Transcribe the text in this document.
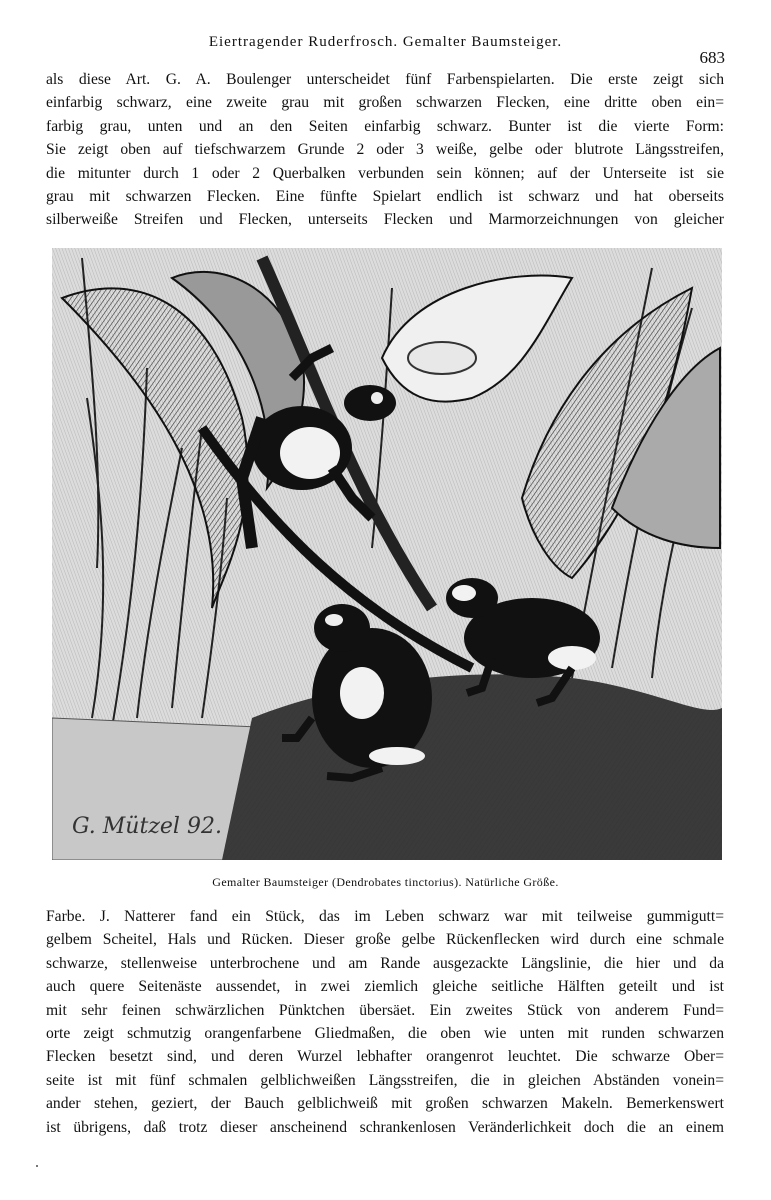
Eiertragender Ruderfrosch. Gemalter Baumsteiger.
683
als diese Art. G. A. Boulenger unterscheidet fünf Farbenspielarten. Die erste zeigt sich
einfarbig schwarz, eine zweite grau mit großen schwarzen Flecken, eine dritte oben ein=
farbig grau, unten und an den Seiten einfarbig schwarz. Bunter ist die vierte Form:
Sie zeigt oben auf tiefschwarzem Grunde 2 oder 3 weiße, gelbe oder blutrote Längsstreifen,
die mitunter durch 1 oder 2 Querbalken verbunden sein können; auf der Unterseite ist sie
grau mit schwarzen Flecken. Eine fünfte Spielart endlich ist schwarz und hat oberseits
silberweiße Streifen und Flecken, unterseits Flecken und Marmorzeichnungen von gleicher
G. Mützel 92.
Gemalter Baumsteiger (Dendrobates tinctorius). Natürliche Größe.
Farbe. J. Natterer fand ein Stück, das im Leben schwarz war mit teilweise gummigutt=
gelbem Scheitel, Hals und Rücken. Dieser große gelbe Rückenflecken wird durch eine schmale
schwarze, stellenweise unterbrochene und am Rande ausgezackte Längslinie, die hier und da
auch quere Seitenäste aussendet, in zwei ziemlich gleiche seitliche Hälften geteilt und ist
mit sehr feinen schwärzlichen Pünktchen übersäet. Ein zweites Stück von anderem Fund=
orte zeigt schmutzig orangenfarbene Gliedmaßen, die oben wie unten mit runden schwarzen
Flecken besetzt sind, und deren Wurzel lebhafter orangenrot leuchtet. Die schwarze Ober=
seite ist mit fünf schmalen gelblichweißen Längsstreifen, die in gleichen Abständen vonein=
ander stehen, geziert, der Bauch gelblichweiß mit großen schwarzen Makeln. Bemerkenswert
ist übrigens, daß trotz dieser anscheinend schrankenlosen Veränderlichkeit doch die an einem
